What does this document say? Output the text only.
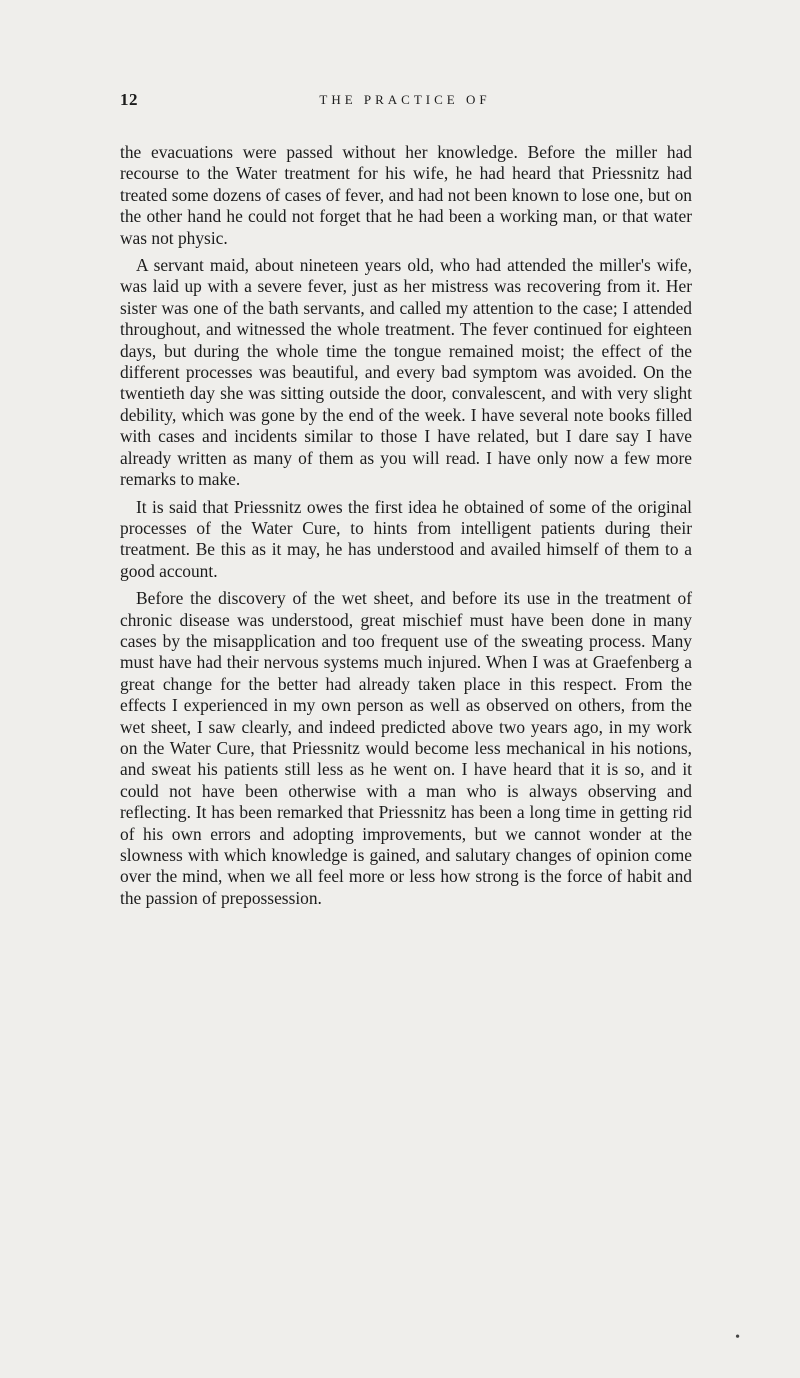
12	THE PRACTICE OF

the evacuations were passed without her knowledge. Before the miller had recourse to the Water treatment for his wife, he had heard that Priessnitz had treated some dozens of cases of fever, and had not been known to lose one, but on the other hand he could not forget that he had been a working man, or that water was not physic.

A servant maid, about nineteen years old, who had attended the miller's wife, was laid up with a severe fever, just as her mistress was recovering from it. Her sister was one of the bath servants, and called my attention to the case; I attended throughout, and witnessed the whole treatment. The fever continued for eighteen days, but during the whole time the tongue remained moist; the effect of the different processes was beautiful, and every bad symptom was avoided. On the twentieth day she was sitting outside the door, convalescent, and with very slight debility, which was gone by the end of the week. I have several note books filled with cases and incidents similar to those I have related, but I dare say I have already written as many of them as you will read. I have only now a few more remarks to make.

It is said that Priessnitz owes the first idea he obtained of some of the original processes of the Water Cure, to hints from intelligent patients during their treatment. Be this as it may, he has understood and availed himself of them to a good account.

Before the discovery of the wet sheet, and before its use in the treatment of chronic disease was understood, great mischief must have been done in many cases by the misapplication and too frequent use of the sweating process. Many must have had their nervous systems much injured. When I was at Graefenberg a great change for the better had already taken place in this respect. From the effects I experienced in my own person as well as observed on others, from the wet sheet, I saw clearly, and indeed predicted above two years ago, in my work on the Water Cure, that Priessnitz would become less mechanical in his notions, and sweat his patients still less as he went on. I have heard that it is so, and it could not have been otherwise with a man who is always observing and reflecting. It has been remarked that Priessnitz has been a long time in getting rid of his own errors and adopting improvements, but we cannot wonder at the slowness with which knowledge is gained, and salutary changes of opinion come over the mind, when we all feel more or less how strong is the force of habit and the passion of prepossession.

•
